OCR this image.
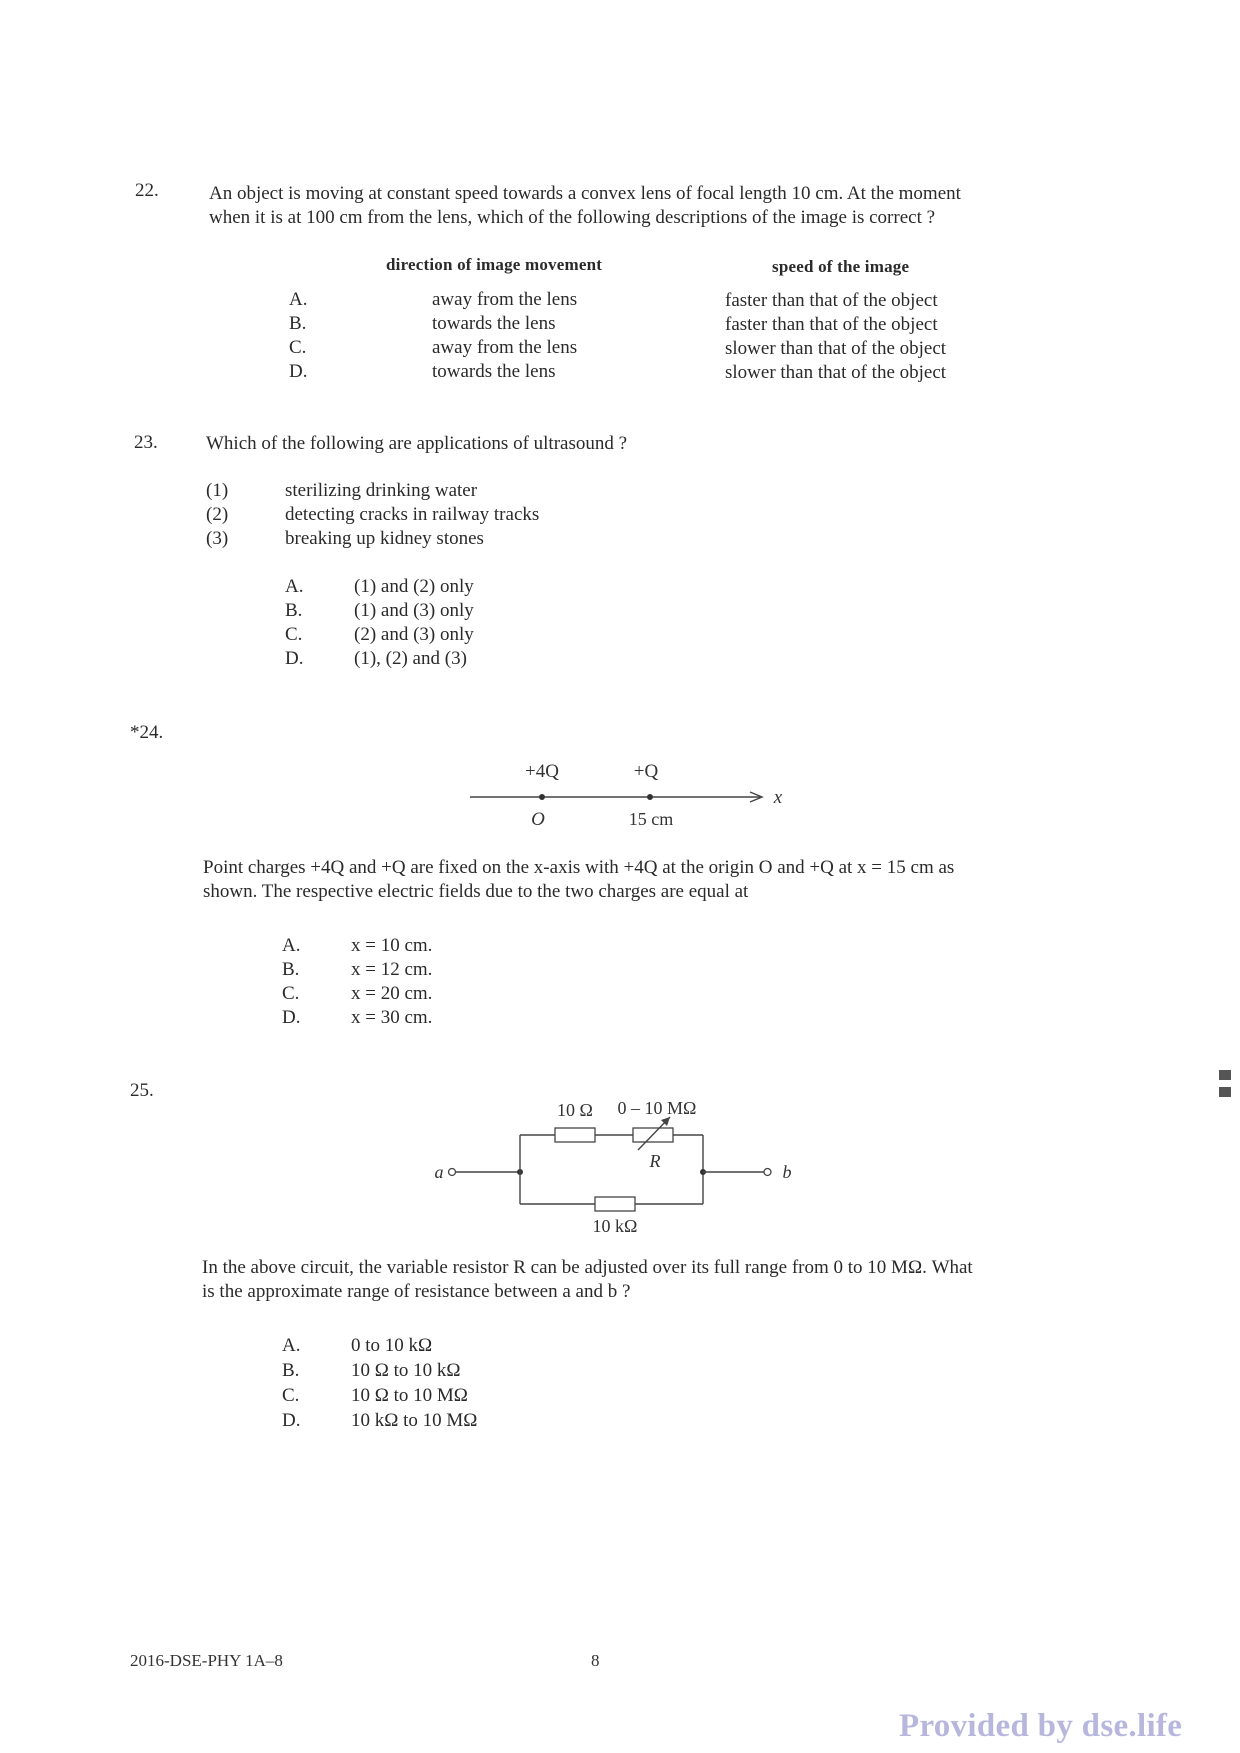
22.	An object is moving at constant speed towards a convex lens of focal length 10 cm. At the moment
when it is at 100 cm from the lens, which of the following descriptions of the image is correct ?
direction of image movement	speed of the image
A.	away from the lens	faster than that of the object
B.	towards the lens	faster than that of the object
C.	away from the lens	slower than that of the object
D.	towards the lens	slower than that of the object
23.	Which of the following are applications of ultrasound ?
(1)	sterilizing drinking water
(2)	detecting cracks in railway tracks
(3)	breaking up kidney stones
A.	(1) and (2) only
B.	(1) and (3) only
C.	(2) and (3) only
D.	(1), (2) and (3)
*24.
+4Q	+Q
O	15 cm
x
Point charges +4Q and +Q are fixed on the x-axis with +4Q at the origin O and +Q at x = 15 cm as
shown. The respective electric fields due to the two charges are equal at
A.	x = 10 cm.
B.	x = 12 cm.
C.	x = 20 cm.
D.	x = 30 cm.
25.
10 Ω 0 – 10 MΩ
R
10 kΩ
a	b
In the above circuit, the variable resistor R can be adjusted over its full range from 0 to 10 MΩ. What
is the approximate range of resistance between a and b ?
A.	0 to 10 kΩ
B.	10 Ω to 10 kΩ
C.	10 Ω to 10 MΩ
D.	10 kΩ to 10 MΩ
2016-DSE-PHY 1A–8	8
Provided by dse.life
